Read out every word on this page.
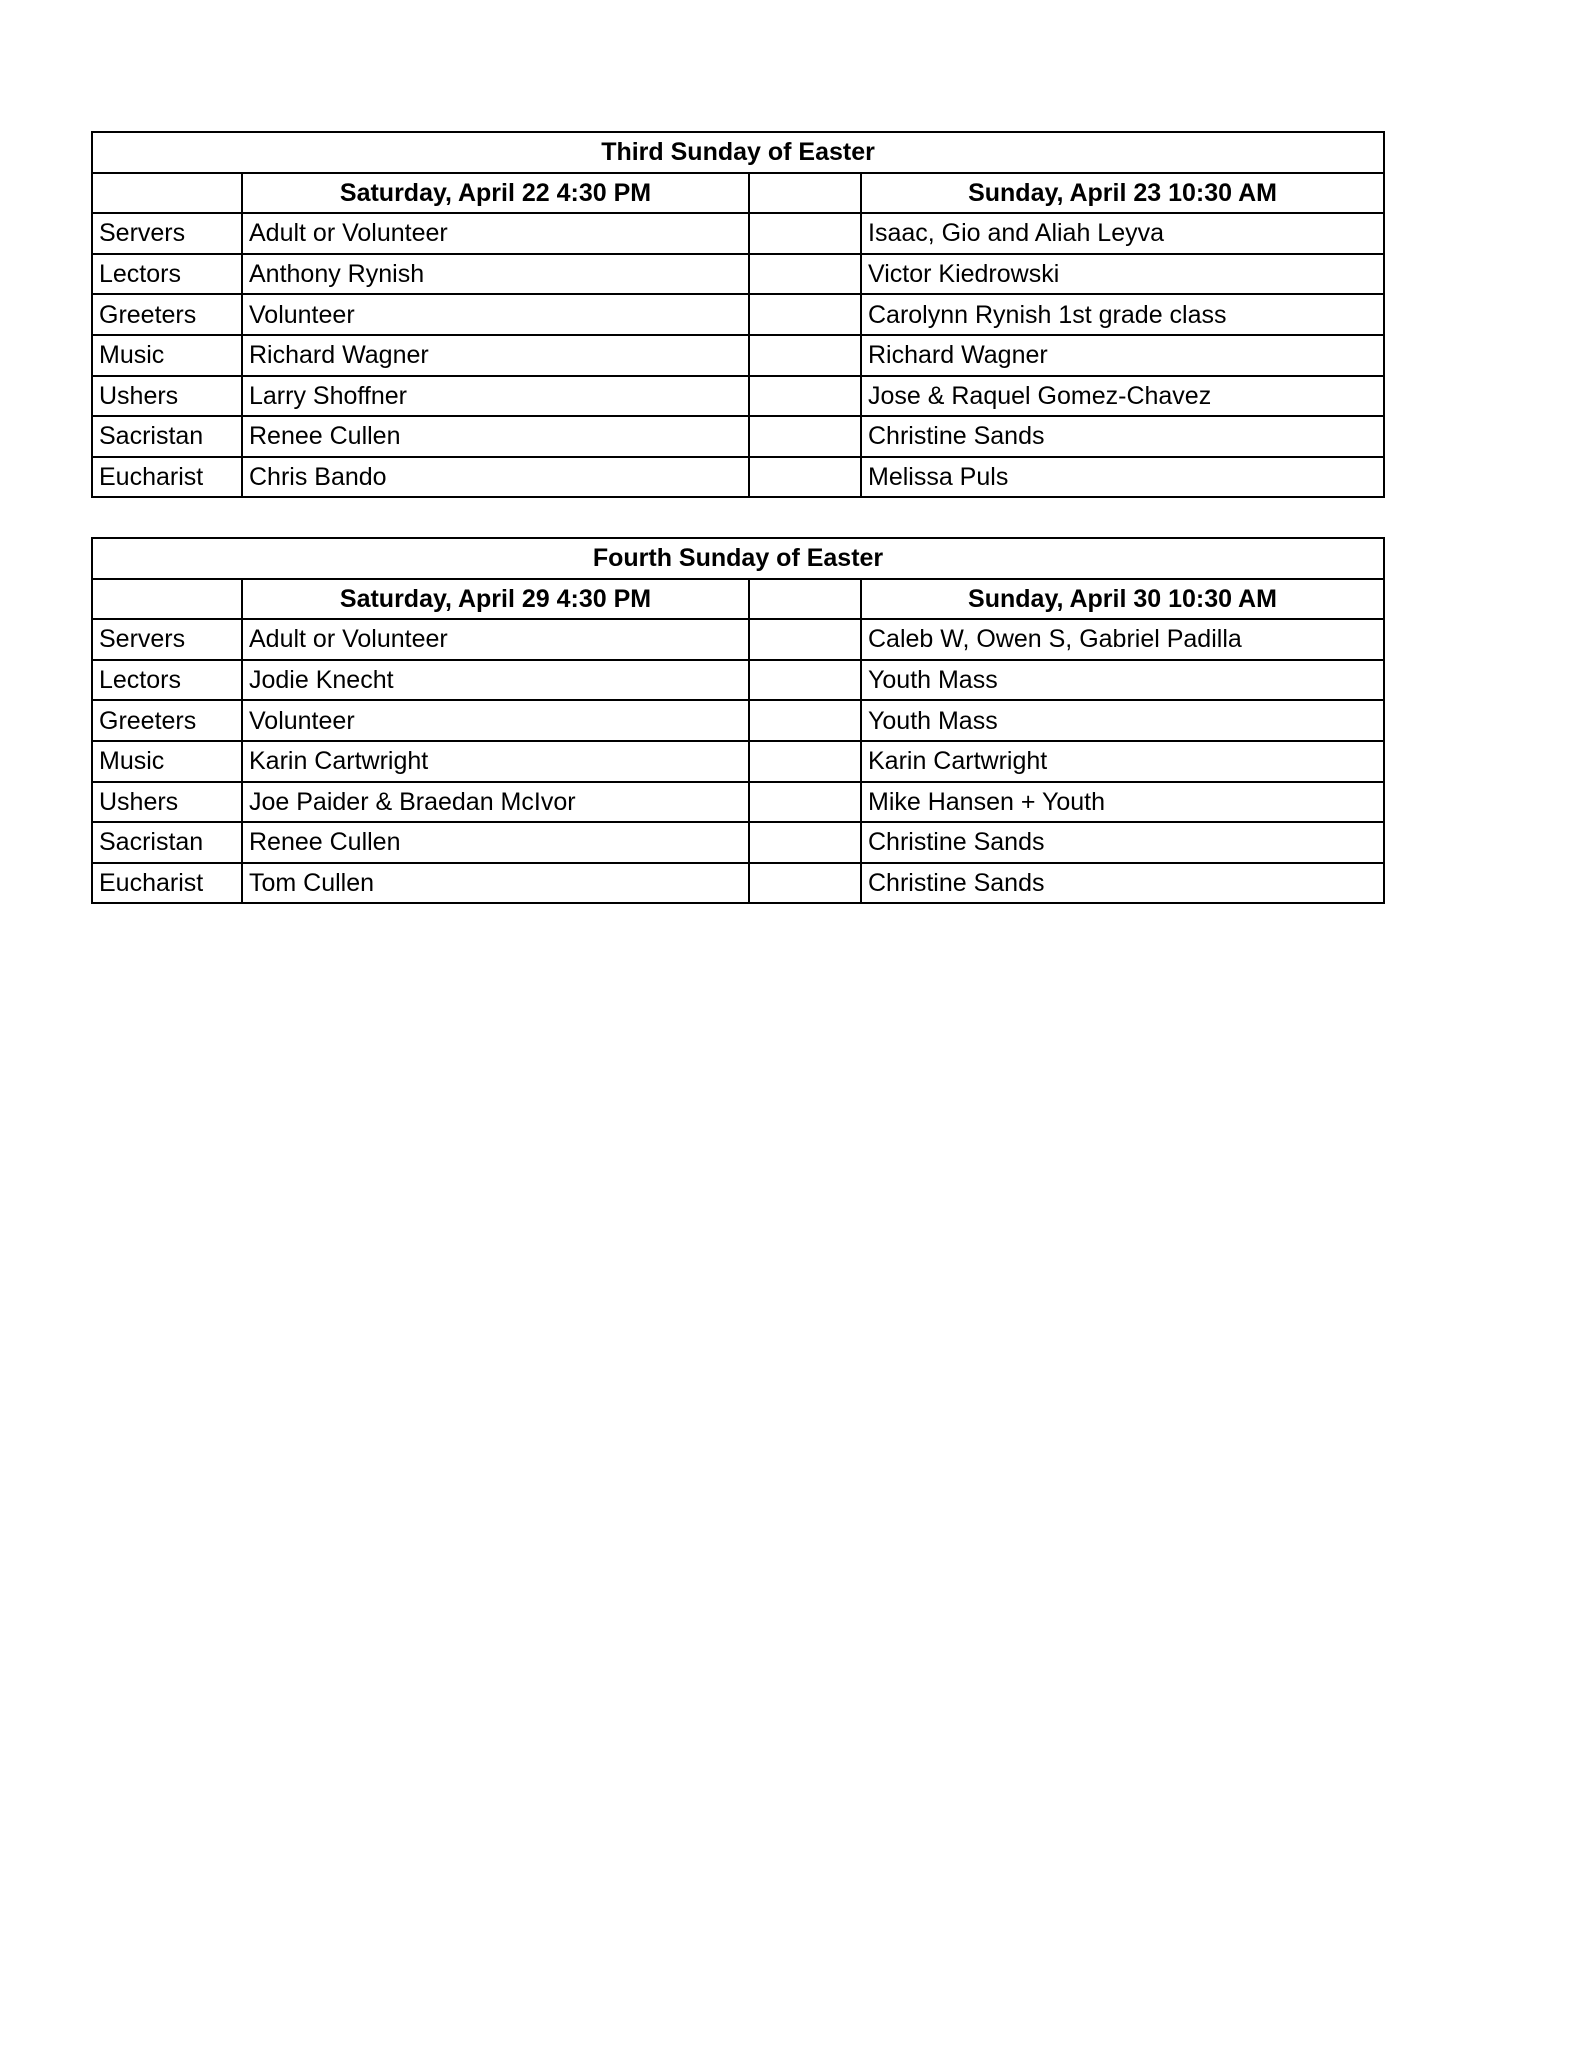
Third Sunday of Easter			
	Saturday, April 22 4:30 PM		Sunday, April 23 10:30 AM
Servers	Adult or Volunteer		Isaac, Gio and Aliah Leyva
Lectors	Anthony Rynish		Victor Kiedrowski
Greeters	Volunteer		Carolynn Rynish 1st grade class
Music	Richard Wagner		Richard Wagner
Ushers	Larry Shoffner		Jose & Raquel Gomez-Chavez
Sacristan	Renee Cullen		Christine Sands
Eucharist	Chris Bando		Melissa Puls
Fourth Sunday of Easter			
	Saturday, April 29 4:30 PM		Sunday, April 30 10:30 AM
Servers	Adult or Volunteer		Caleb W, Owen S, Gabriel Padilla
Lectors	Jodie Knecht		Youth Mass
Greeters	Volunteer		Youth Mass
Music	Karin Cartwright		Karin Cartwright
Ushers	Joe Paider & Braedan McIvor		Mike Hansen + Youth
Sacristan	Renee Cullen		Christine Sands
Eucharist	Tom Cullen		Christine Sands
